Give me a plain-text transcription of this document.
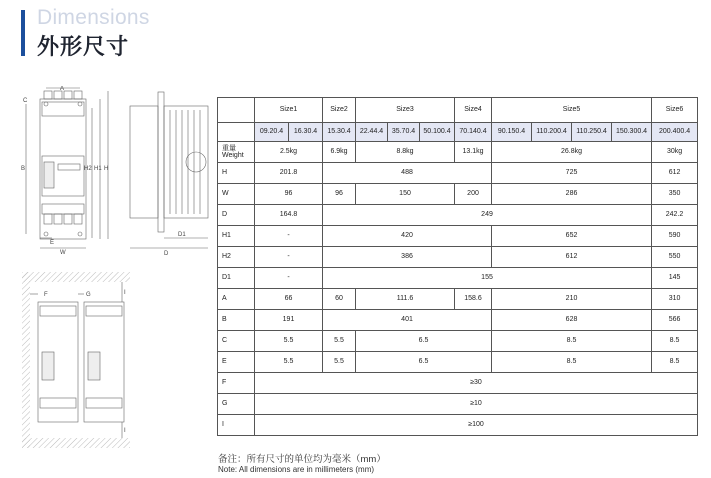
Dimensions
外形尺寸
A
C
B	H2 H1 H
E
W
D1
D
F	G	I
I
	Size1		Size2	Size3			Size4	Size5				Size6
	09.20.4	16.30.4	15.30.4	22.44.4	35.70.4	50.100.4	70.140.4	90.150.4	110.200.4	110.250.4	150.300.4	200.400.4
重量
Weight	2.5kg		6.9kg	8.8kg			13.1kg	26.8kg				30kg
H	201.8		488					725				612
W	96		96	150			200	286				350
D	164.8		249									242.2
H1	-		420					652				590
H2	-		386					612				550
D1	-		155									145
A	66		60	111.6			158.6	210				310
B	191		401					628				566
C	5.5		5.5	6.5				8.5				8.5
E	5.5		5.5	6.5				8.5				8.5
F	≥30											
G	≥10											
I	≥100											
备注：所有尺寸的单位均为毫米（mm）
Note: All dimensions are in millimeters (mm)
